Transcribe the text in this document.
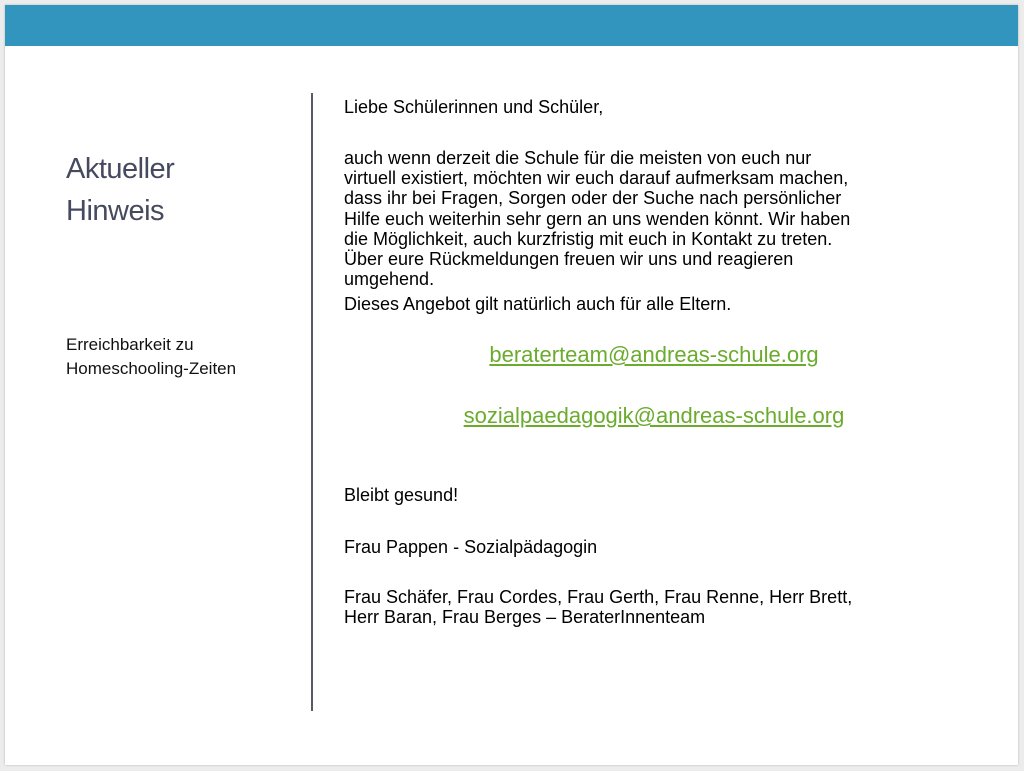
Aktueller
Hinweis
Erreichbarkeit zu
Homeschooling-Zeiten

Liebe Schülerinnen und Schüler,

auch wenn derzeit die Schule für die meisten von euch nur
virtuell existiert, möchten wir euch darauf aufmerksam machen,
dass ihr bei Fragen, Sorgen oder der Suche nach persönlicher
Hilfe euch weiterhin sehr gern an uns wenden könnt. Wir haben
die Möglichkeit, auch kurzfristig mit euch in Kontakt zu treten.
Über eure Rückmeldungen freuen wir uns und reagieren
umgehend.

Dieses Angebot gilt natürlich auch für alle Eltern.

beraterteam@andreas-schule.org
sozialpaedagogik@andreas-schule.org

Bleibt gesund!

Frau Pappen - Sozialpädagogin

Frau Schäfer, Frau Cordes, Frau Gerth, Frau Renne, Herr Brett,
Herr Baran, Frau Berges – BeraterInnenteam
